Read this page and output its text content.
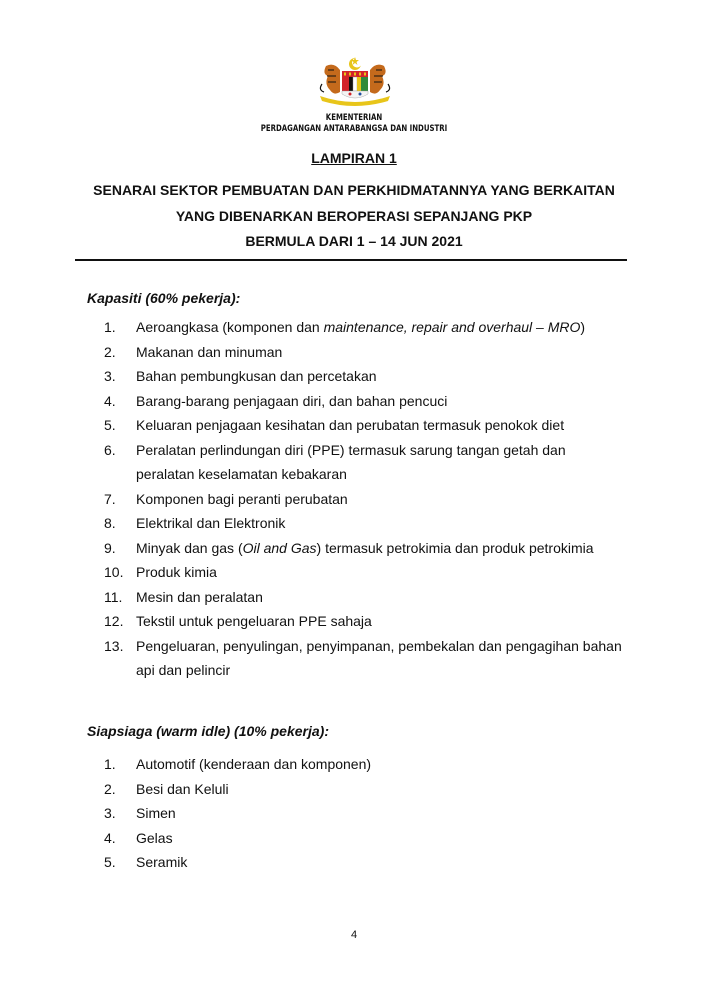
KEMENTERIAN
PERDAGANGAN ANTARABANGSA DAN INDUSTRI
LAMPIRAN 1
SENARAI SEKTOR PEMBUATAN DAN PERKHIDMATANNYA YANG BERKAITAN
YANG DIBENARKAN BEROPERASI SEPANJANG PKP
BERMULA DARI 1 – 14 JUN 2021
Kapasiti (60% pekerja):
1.	Aeroangkasa (komponen dan maintenance, repair and overhaul – MRO)
2.	Makanan dan minuman
3.	Bahan pembungkusan dan percetakan
4.	Barang-barang penjagaan diri, dan bahan pencuci
5.	Keluaran penjagaan kesihatan dan perubatan termasuk penokok diet
6.	Peralatan perlindungan diri (PPE) termasuk sarung tangan getah dan peralatan keselamatan kebakaran
7.	Komponen bagi peranti perubatan
8.	Elektrikal dan Elektronik
9.	Minyak dan gas (Oil and Gas) termasuk petrokimia dan produk petrokimia
10. Produk kimia
11. Mesin dan peralatan
12. Tekstil untuk pengeluaran PPE sahaja
13. Pengeluaran, penyulingan, penyimpanan, pembekalan dan pengagihan bahan api dan pelincir
Siapsiaga (warm idle) (10% pekerja):
1.	Automotif (kenderaan dan komponen)
2.	Besi dan Keluli
3.	Simen
4.	Gelas
5.	Seramik
4
